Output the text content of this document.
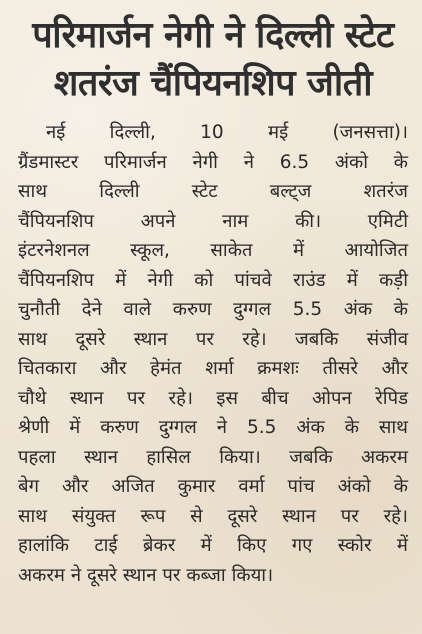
परिमार्जन नेगी ने दिल्ली स्टेट
शतरंज चैंपियनशिप जीती
नई दिल्ली, 10 मई (जनसत्ता)।
ग्रैंडमास्टर परिमार्जन नेगी ने 6.5 अंको के
साथ दिल्ली स्टेट बल्ट्ज शतरंज
चैंपियनशिप अपने नाम की। एमिटी
इंटरनेशनल स्कूल, साकेत में आयोजित
चैंपियनशिप में नेगी को पांचवे राउंड में कड़ी
चुनौती देने वाले करुण दुग्गल 5.5 अंक के
साथ दूसरे स्थान पर रहे। जबकि संजीव
चितकारा और हेमंत शर्मा क्रमशः तीसरे और
चौथे स्थान पर रहे। इस बीच ओपन रेपिड
श्रेणी में करुण दुग्गल ने 5.5 अंक के साथ
पहला स्थान हासिल किया। जबकि अकरम
बेग और अजित कुमार वर्मा पांच अंको के
साथ संयुक्त रूप से दूसरे स्थान पर रहे।
हालांकि टाई ब्रेकर में किए गए स्कोर में
अकरम ने दूसरे स्थान पर कब्जा किया।
